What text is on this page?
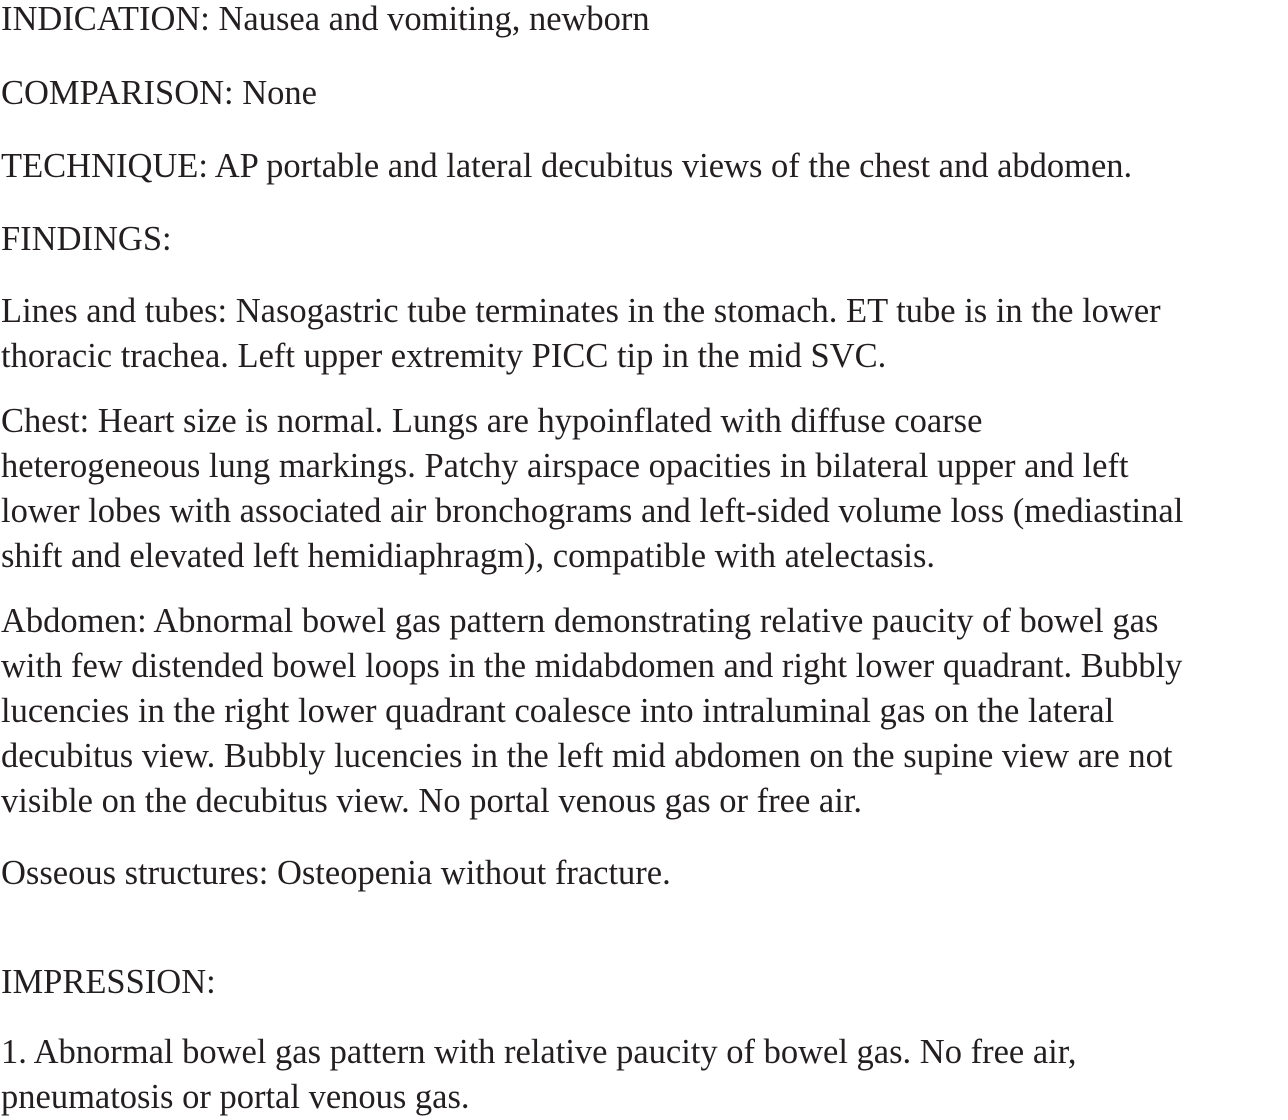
INDICATION: Nausea and vomiting, newborn
COMPARISON: None
TECHNIQUE: AP portable and lateral decubitus views of the chest and abdomen.
FINDINGS:
Lines and tubes: Nasogastric tube terminates in the stomach. ET tube is in the lower
thoracic trachea. Left upper extremity PICC tip in the mid SVC.
Chest: Heart size is normal. Lungs are hypoinflated with diffuse coarse
heterogeneous lung markings. Patchy airspace opacities in bilateral upper and left
lower lobes with associated air bronchograms and left-sided volume loss (mediastinal
shift and elevated left hemidiaphragm), compatible with atelectasis.
Abdomen: Abnormal bowel gas pattern demonstrating relative paucity of bowel gas
with few distended bowel loops in the midabdomen and right lower quadrant. Bubbly
lucencies in the right lower quadrant coalesce into intraluminal gas on the lateral
decubitus view. Bubbly lucencies in the left mid abdomen on the supine view are not
visible on the decubitus view. No portal venous gas or free air.
Osseous structures: Osteopenia without fracture.
IMPRESSION:
1. Abnormal bowel gas pattern with relative paucity of bowel gas. No free air,
pneumatosis or portal venous gas.
